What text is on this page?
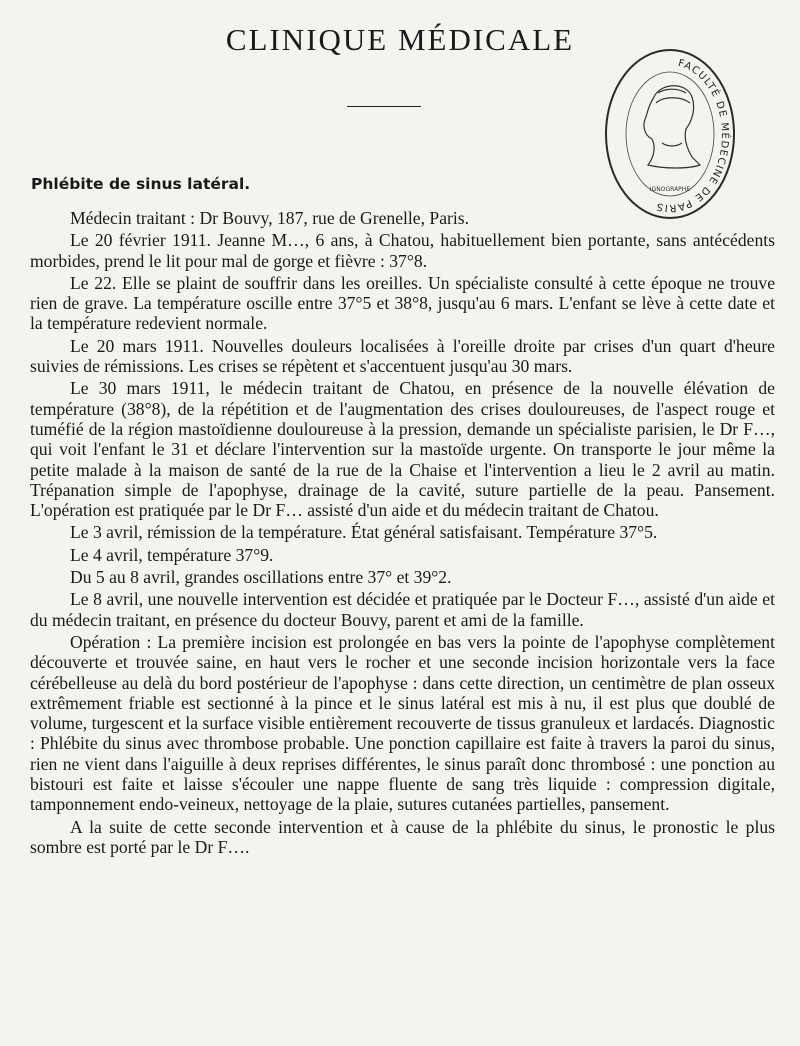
CLINIQUE MÉDICALE
FACULTÉ DE MÉDECINE DE PARIS
IGNOGRAPHE
Phlébite de sinus latéral.

Médecin traitant : Dr Bouvy, 187, rue de Grenelle, Paris.

Le 20 février 1911. Jeanne M…, 6 ans, à Chatou, habituellement bien portante, sans antécédents morbides, prend le lit pour mal de gorge et fièvre : 37°8.

Le 22. Elle se plaint de souffrir dans les oreilles. Un spécialiste consulté à cette époque ne trouve rien de grave. La température oscille entre 37°5 et 38°8, jusqu'au 6 mars. L'enfant se lève à cette date et la température redevient normale.

Le 20 mars 1911. Nouvelles douleurs localisées à l'oreille droite par crises d'un quart d'heure suivies de rémissions. Les crises se répètent et s'accentuent jusqu'au 30 mars.

Le 30 mars 1911, le médecin traitant de Chatou, en présence de la nouvelle élévation de température (38°8), de la répétition et de l'augmentation des crises douloureuses, de l'aspect rouge et tuméfié de la région mastoïdienne douloureuse à la pression, demande un spécialiste parisien, le Dr F…, qui voit l'enfant le 31 et déclare l'intervention sur la mastoïde urgente. On transporte le jour même la petite malade à la maison de santé de la rue de la Chaise et l'intervention a lieu le 2 avril au matin. Trépanation simple de l'apophyse, drainage de la cavité, suture partielle de la peau. Pansement. L'opération est pratiquée par le Dr F… assisté d'un aide et du médecin traitant de Chatou.

Le 3 avril, rémission de la température. État général satisfaisant. Température 37°5.

Le 4 avril, température 37°9.

Du 5 au 8 avril, grandes oscillations entre 37° et 39°2.

Le 8 avril, une nouvelle intervention est décidée et pratiquée par le Docteur F…, assisté d'un aide et du médecin traitant, en présence du docteur Bouvy, parent et ami de la famille.

Opération : La première incision est prolongée en bas vers la pointe de l'apophyse complètement découverte et trouvée saine, en haut vers le rocher et une seconde incision horizontale vers la face cérébelleuse au delà du bord postérieur de l'apophyse : dans cette direction, un centimètre de plan osseux extrêmement friable est sectionné à la pince et le sinus latéral est mis à nu, il est plus que doublé de volume, turgescent et la surface visible entièrement recouverte de tissus granuleux et lardacés. Diagnostic : Phlébite du sinus avec thrombose probable. Une ponction capillaire est faite à travers la paroi du sinus, rien ne vient dans l'aiguille à deux reprises différentes, le sinus paraît donc thrombosé : une ponction au bistouri est faite et laisse s'écouler une nappe fluente de sang très liquide : compression digitale, tamponnement endo-veineux, nettoyage de la plaie, sutures cutanées partielles, pansement.

A la suite de cette seconde intervention et à cause de la phlébite du sinus, le pronostic le plus sombre est porté par le Dr F….
